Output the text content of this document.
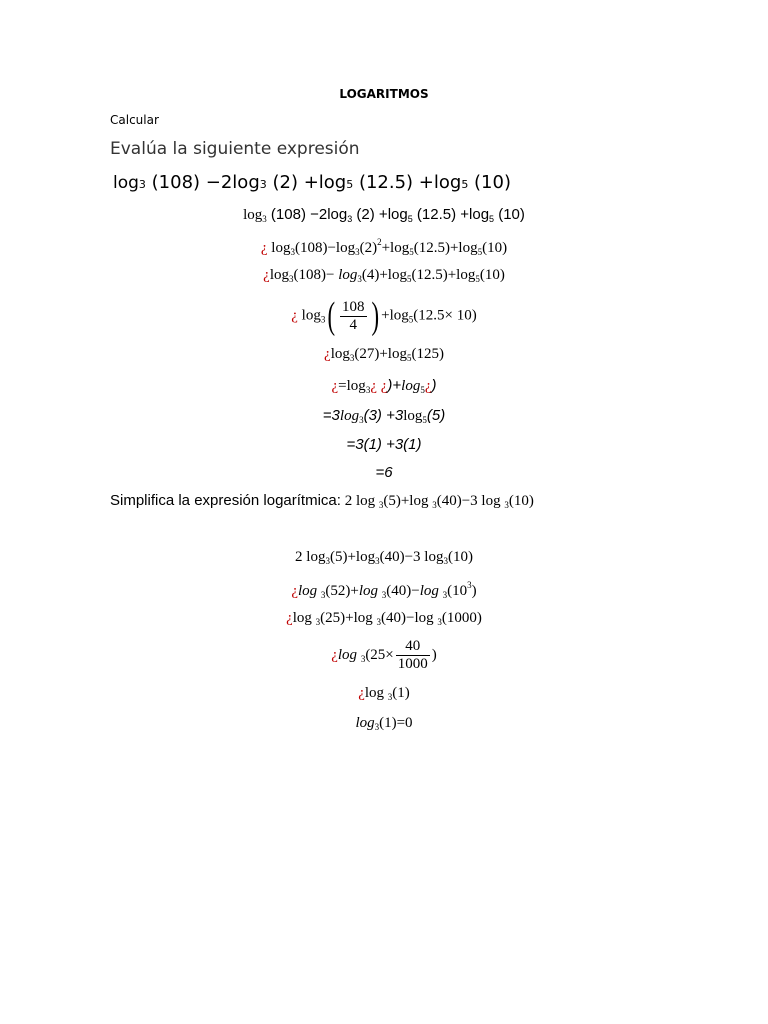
LOGARITMOS
Calcular
Evalúa la siguiente expresión
log3 (108) −2log3 (2) +log5 (12.5) +log5 (10)
$\log_3 (108) -2\log_3$ $(2) +\log_5$ $(12.5) +\log_5$ (10)
¿ $\log_3(108)-\log_3(2)^2+\log_5(12.5)+\log_5(10)$
¿$\log_3(108)- \log_3(4)+\log_5(12.5)+\log_5(10)$
¿ $\log_3( \frac{108}{4}$ ) $+\log_5(12.5\times 10)$
¿$\log_3(27)+\log_5(125)$
¿$=\log_3¿$ ¿)$+\log_5¿$)
$=3\log_3(3) +3\log_5(5)$
=3(1) +3(1)
=6
Simplifica la expresión logarítmica: 2 log $_3$(5)+log $_3$(40)−3 log $_3$(10)
2 $\log_3(5)+\log_3(40)-3$ $\log_3(10)$
¿log $_3$(52)+log $_3$(40)−log $_3(10^3)$
¿log $_3$(25)+log $_3$(40)−log $_3$(1000)
¿log $_3(25\times \frac{40}{1000}$ )
¿log $_3$(1)
$\log_3(1)=0$
